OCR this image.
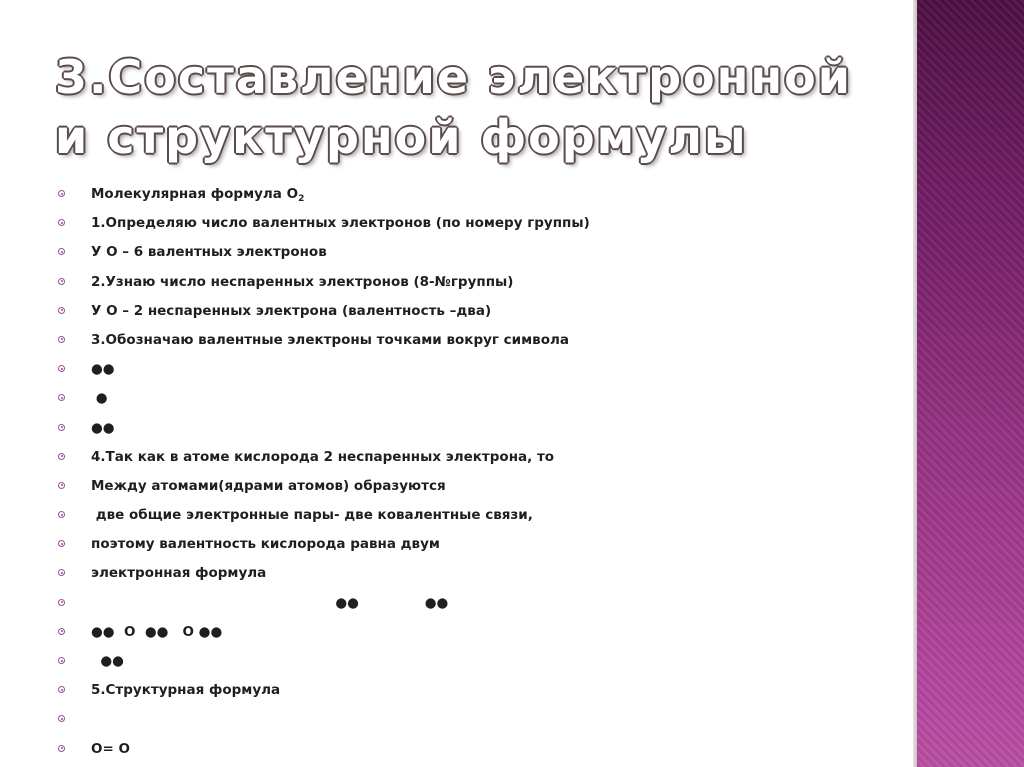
3.Составление электронной
и структурной формулы
Молекулярная формула $O_2$
1.Определяю число валентных электронов (по номеру группы)
У О – 6 валентных электронов
2.Узнаю число неспаренных электронов (8-№группы)
У О – 2 неспаренных электрона (валентность –два)
3.Обозначаю валентные электроны точками вокруг символа
●●
●
●●
4.Так как в атоме кислорода 2 неспаренных электрона, то
Между атомами(ядрами атомов) образуются
две общие электронные пары- две ковалентные связи,
поэтому валентность кислорода равна двум
электронная формула
●●              ●●
●●  О  ●●   О ●●
●●
5.Структурная формула
О= О
